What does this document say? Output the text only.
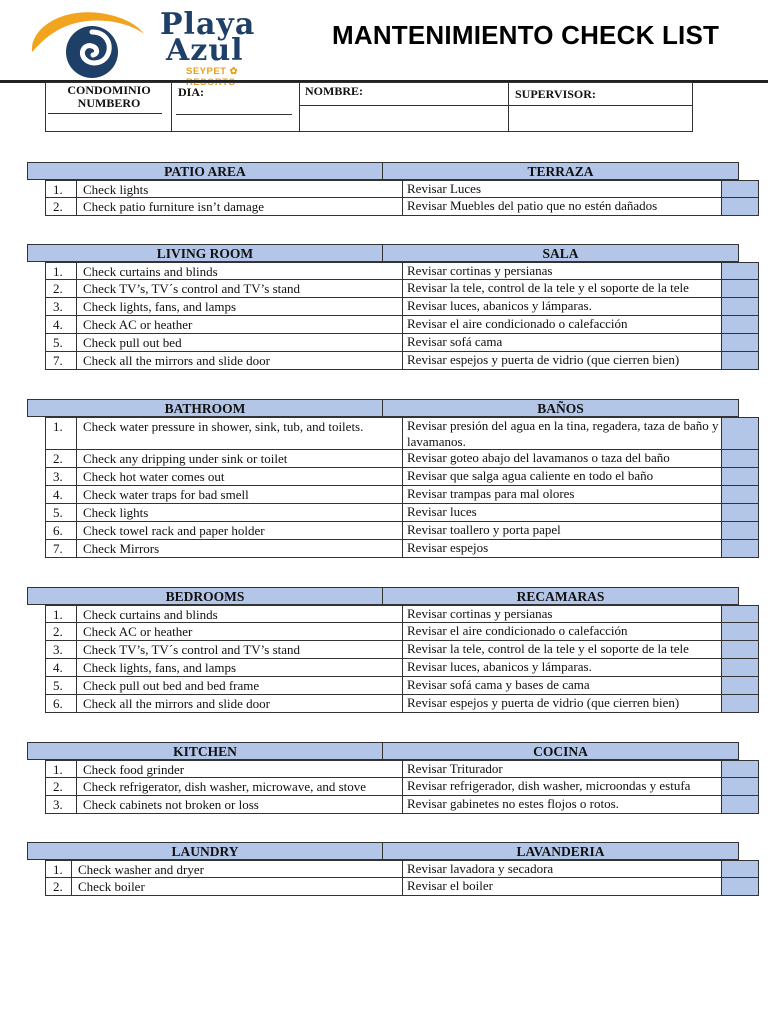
Playa
Azul
SEYPET ✿
MANTENIMIENTO CHECK LIST
CONDOMINIO
NUMBERO
DIA:	NOMBRE:	SUPERVISOR:
PATIO AREA	TERRAZA
1.	Check lights	Revisar Luces
2.	Check patio furniture isn’t damage	Revisar Muebles del patio que no estén dañados
LIVING ROOM	SALA
1.	Check curtains and blinds	Revisar cortinas y persianas
2.	Check TV’s, TV´s control and TV’s stand	Revisar la tele, control de la tele y el soporte de la tele
3.	Check lights, fans, and lamps	Revisar luces, abanicos y lámparas.
4.	Check AC or heather	Revisar el aire condicionado o calefacción
5.	Check pull out bed	Revisar sofá cama
7.	Check all the mirrors and slide door	Revisar espejos y puerta de vidrio (que cierren bien)
BATHROOM	BAÑOS
1.	Check water pressure in shower, sink, tub, and toilets.	Revisar presión del agua en la tina, regadera, taza de baño y lavamanos.
2.	Check any dripping under sink or toilet	Revisar goteo abajo del lavamanos o taza del baño
3.	Check hot water comes out	Revisar que salga agua caliente en todo el baño
4.	Check water traps for bad smell	Revisar trampas para mal olores
5.	Check lights	Revisar luces
6.	Check towel rack and paper holder	Revisar toallero y porta papel
7.	Check Mirrors	Revisar espejos
BEDROOMS	RECAMARAS
1.	Check curtains and blinds	Revisar cortinas y persianas
2.	Check AC or heather	Revisar el aire condicionado o calefacción
3.	Check TV’s, TV´s control and TV’s stand	Revisar la tele, control de la tele y el soporte de la tele
4.	Check lights, fans, and lamps	Revisar luces, abanicos y lámparas.
5.	Check pull out bed and bed frame	Revisar sofá cama y bases de cama
6.	Check all the mirrors and slide door	Revisar espejos y puerta de vidrio (que cierren bien)
KITCHEN	COCINA
1.	Check food grinder	Revisar Triturador
2.	Check refrigerator, dish washer, microwave, and stove	Revisar refrigerador, dish washer, microondas y estufa
3.	Check cabinets not broken or loss	Revisar gabinetes no estes flojos o rotos.
LAUNDRY	LAVANDERIA
1.	Check washer and dryer	Revisar lavadora y secadora
2.	Check boiler	Revisar el boiler
